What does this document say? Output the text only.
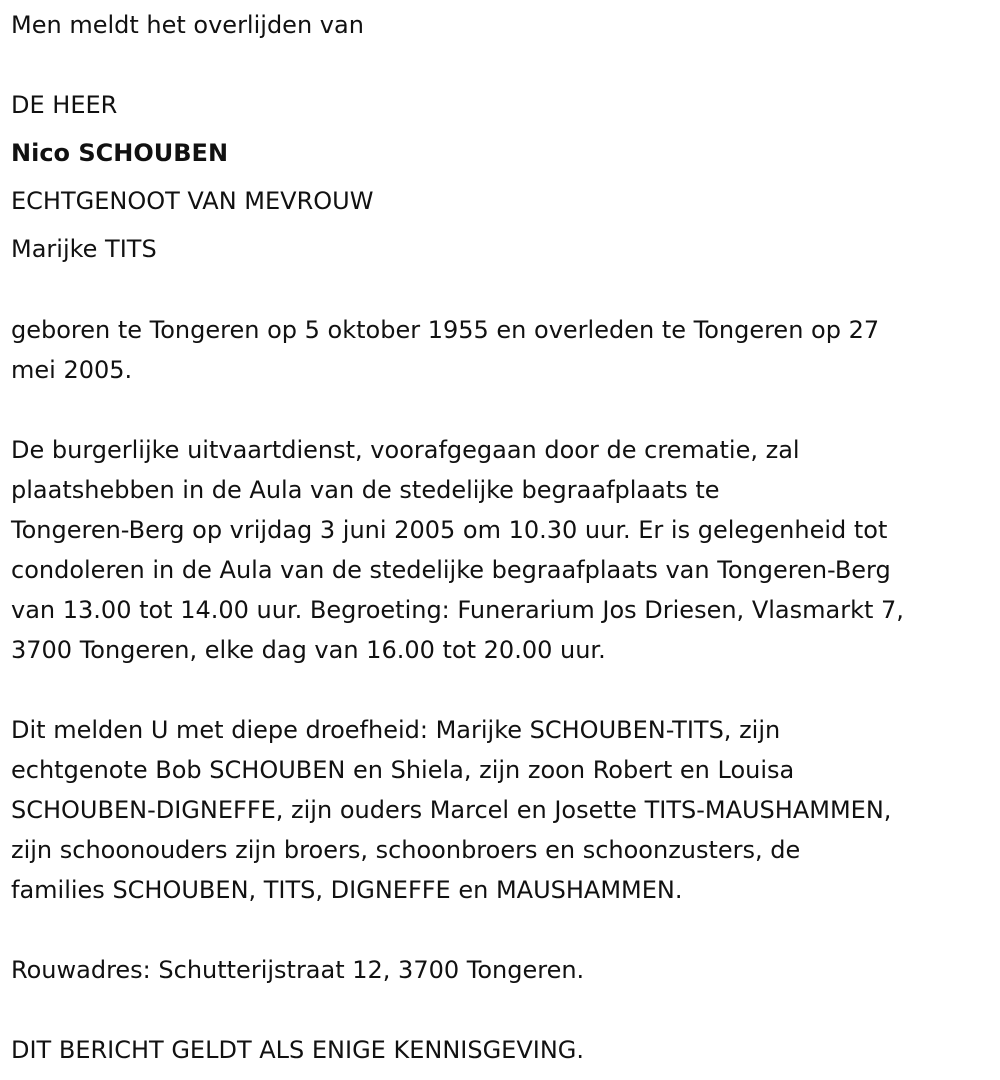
Men meldt het overlijden van

DE HEER

Nico SCHOUBEN

ECHTGENOOT VAN MEVROUW

Marijke TITS

geboren te Tongeren op 5 oktober 1955 en overleden te Tongeren op 27
mei 2005.
De burgerlijke uitvaartdienst, voorafgegaan door de crematie, zal
plaatshebben in de Aula van de stedelijke begraafplaats te
Tongeren-Berg op vrijdag 3 juni 2005 om 10.30 uur. Er is gelegenheid tot
condoleren in de Aula van de stedelijke begraafplaats van Tongeren-Berg
van 13.00 tot 14.00 uur. Begroeting: Funerarium Jos Driesen, Vlasmarkt 7,
3700 Tongeren, elke dag van 16.00 tot 20.00 uur.
Dit melden U met diepe droefheid: Marijke SCHOUBEN-TITS, zijn
echtgenote Bob SCHOUBEN en Shiela, zijn zoon Robert en Louisa
SCHOUBEN-DIGNEFFE, zijn ouders Marcel en Josette TITS-MAUSHAMMEN,
zijn schoonouders zijn broers, schoonbroers en schoonzusters, de
families SCHOUBEN, TITS, DIGNEFFE en MAUSHAMMEN.

Rouwadres: Schutterijstraat 12, 3700 Tongeren.

DIT BERICHT GELDT ALS ENIGE KENNISGEVING.
